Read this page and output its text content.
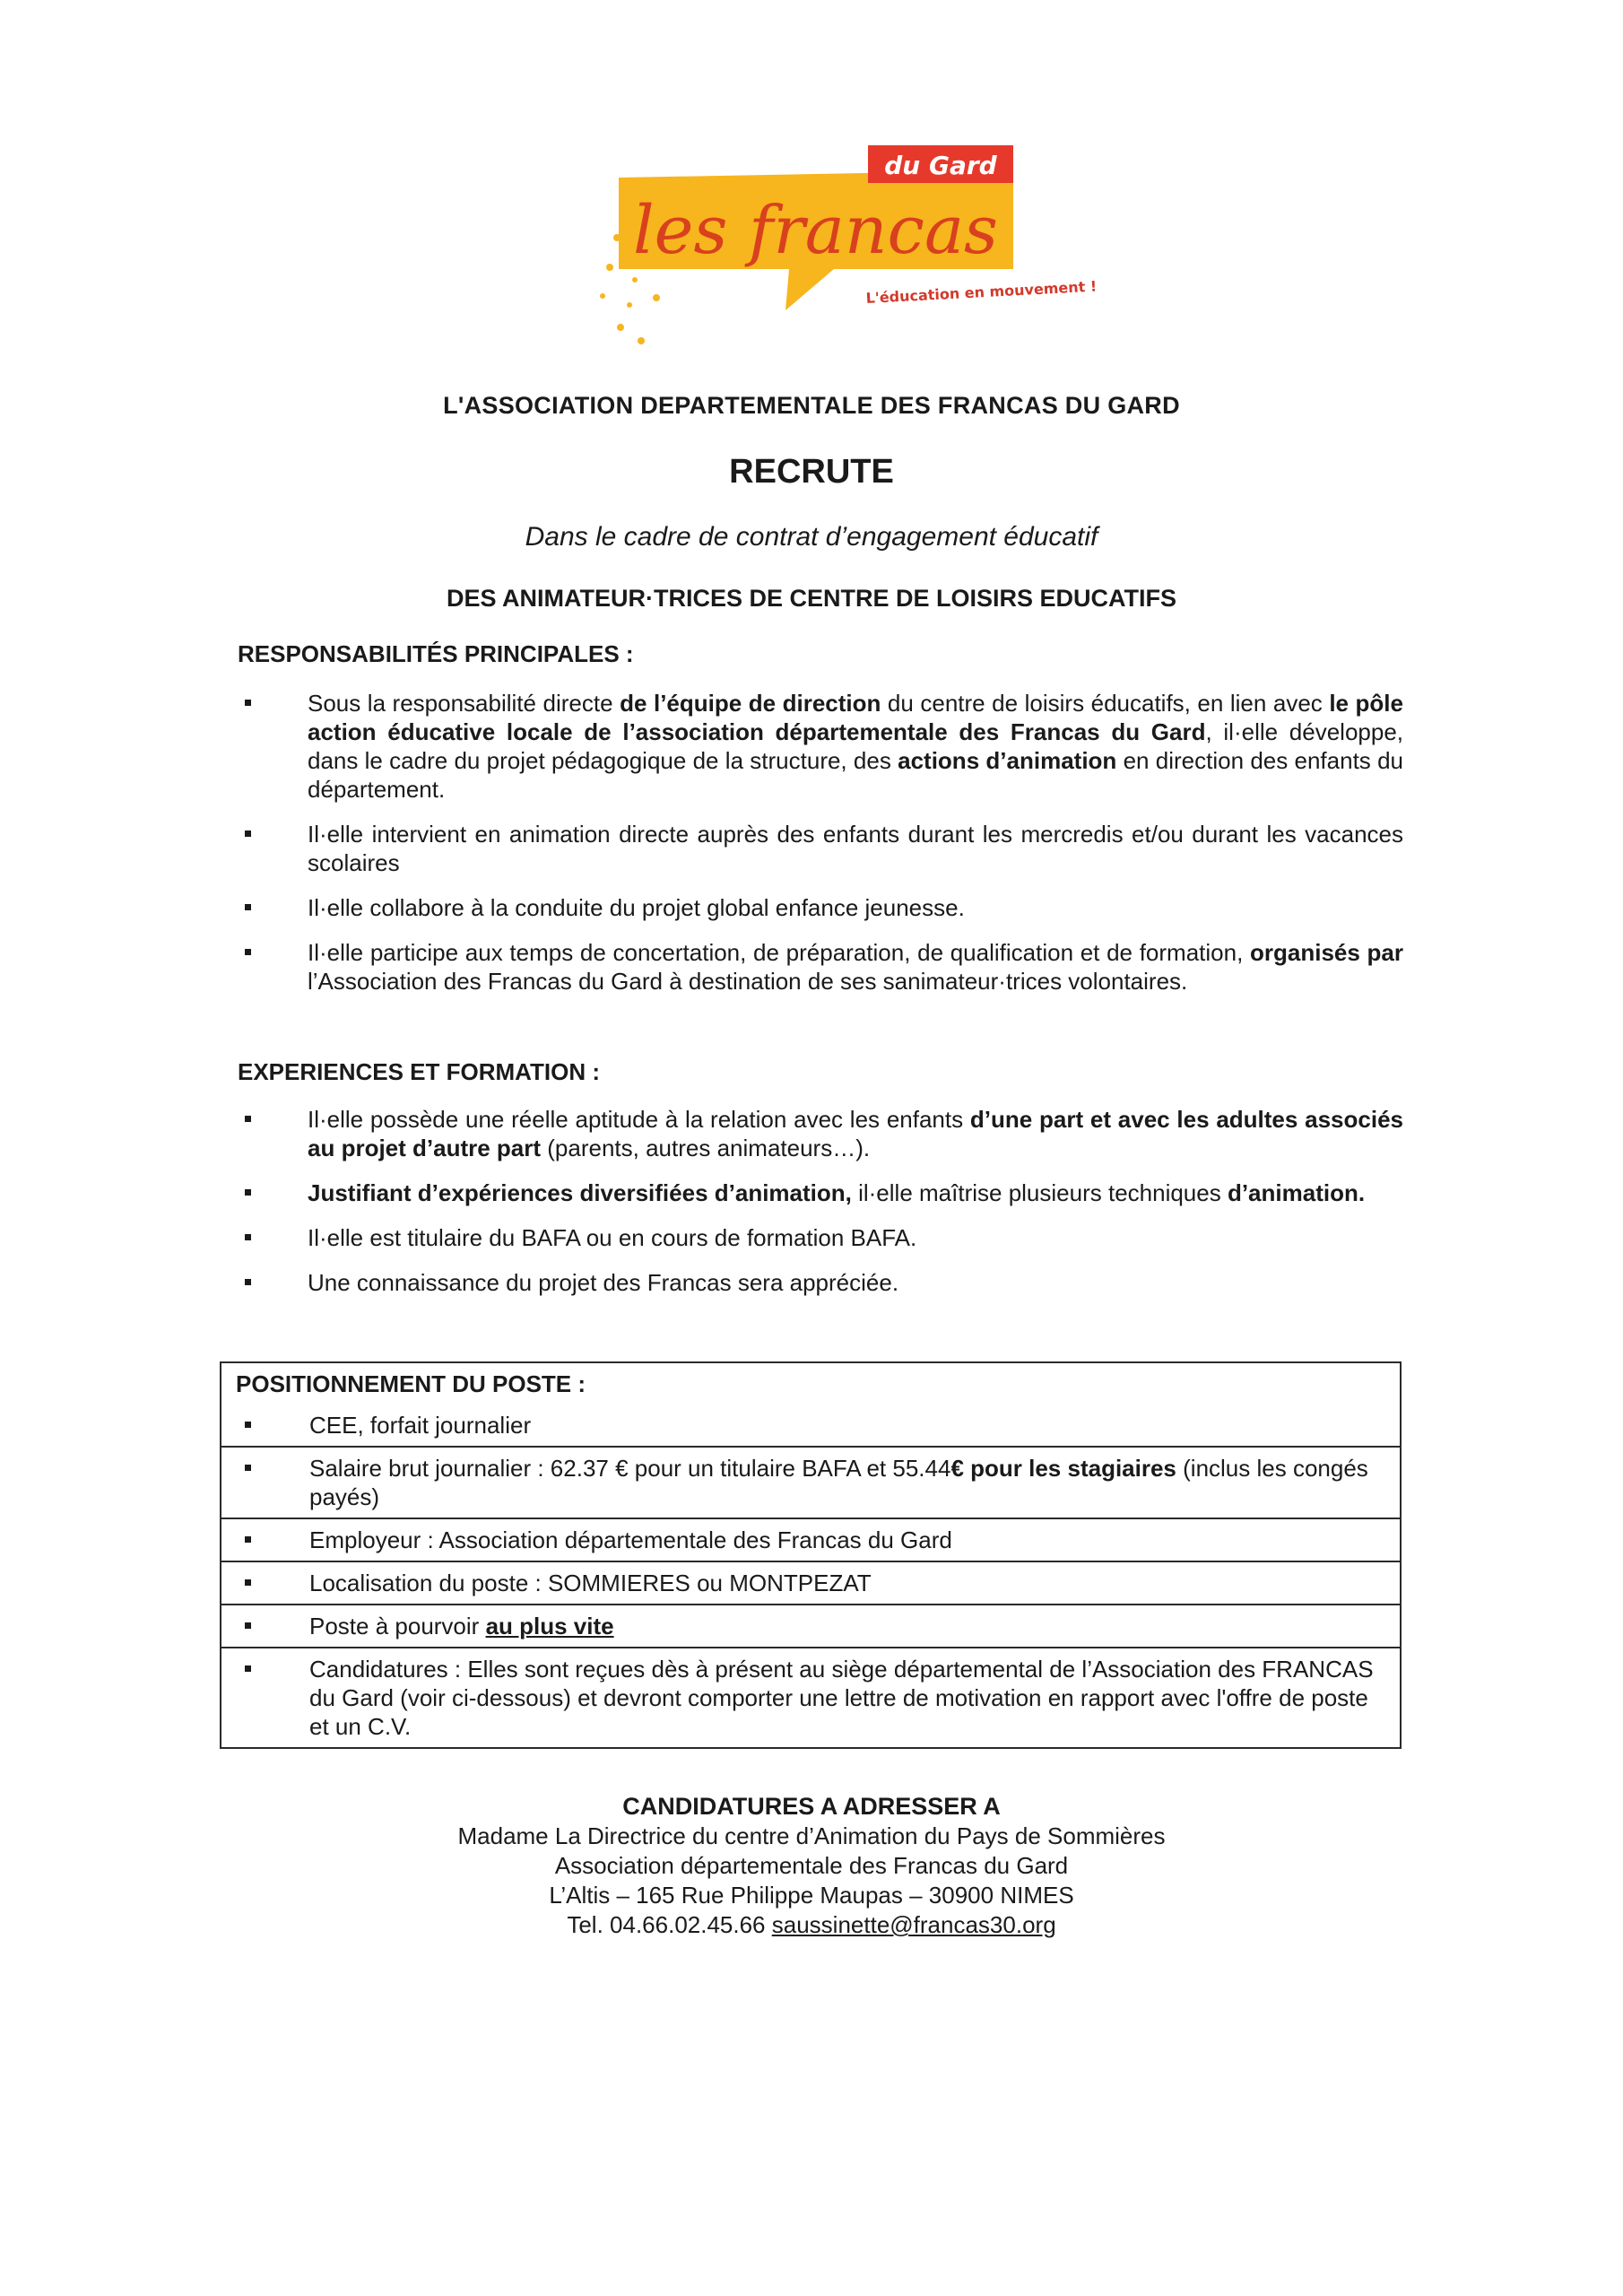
du Gard
les francas
L'éducation en mouvement !
L'ASSOCIATION DEPARTEMENTALE DES FRANCAS DU GARD
RECRUTE
Dans le cadre de contrat d’engagement éducatif
DES ANIMATEUR·TRICES DE CENTRE DE LOISIRS EDUCATIFS
RESPONSABILITÉS PRINCIPALES :
Sous la responsabilité directe de l’équipe de direction du centre de loisirs éducatifs, en lien avec le pôle action éducative locale de l’association départementale des Francas du Gard, il·elle développe, dans le cadre du projet pédagogique de la structure, des actions d’animation en direction des enfants du département.
Il·elle intervient en animation directe auprès des enfants durant les mercredis et/ou durant les vacances scolaires
Il·elle collabore à la conduite du projet global enfance jeunesse.
Il·elle participe aux temps de concertation, de préparation, de qualification et de formation, organisés par l’Association des Francas du Gard à destination de ses sanimateur·trices volontaires.
EXPERIENCES ET FORMATION :
Il·elle possède une réelle aptitude à la relation avec les enfants d’une part et avec les adultes associés au projet d’autre part (parents, autres animateurs…).
Justifiant d’expériences diversifiées d’animation, il·elle maîtrise plusieurs techniques d’animation.
Il·elle est titulaire du BAFA ou en cours de formation BAFA.
Une connaissance du projet des Francas sera appréciée.
POSITIONNEMENT DU POSTE :
CEE, forfait journalier
Salaire brut journalier : 62.37 € pour un titulaire BAFA et 55.44€ pour les stagiaires (inclus les congés payés)
Employeur : Association départementale des Francas du Gard
Localisation du poste : SOMMIERES ou MONTPEZAT
Poste à pourvoir au plus vite
Candidatures : Elles sont reçues dès à présent au siège départemental de l’Association des FRANCAS du Gard (voir ci-dessous) et devront comporter une lettre de motivation en rapport avec l'offre de poste et un C.V.
CANDIDATURES A ADRESSER A
Madame La Directrice du centre d’Animation du Pays de Sommières
Association départementale des Francas du Gard
L’Altis – 165 Rue Philippe Maupas – 30900 NIMES
Tel. 04.66.02.45.66 saussinette@francas30.org
